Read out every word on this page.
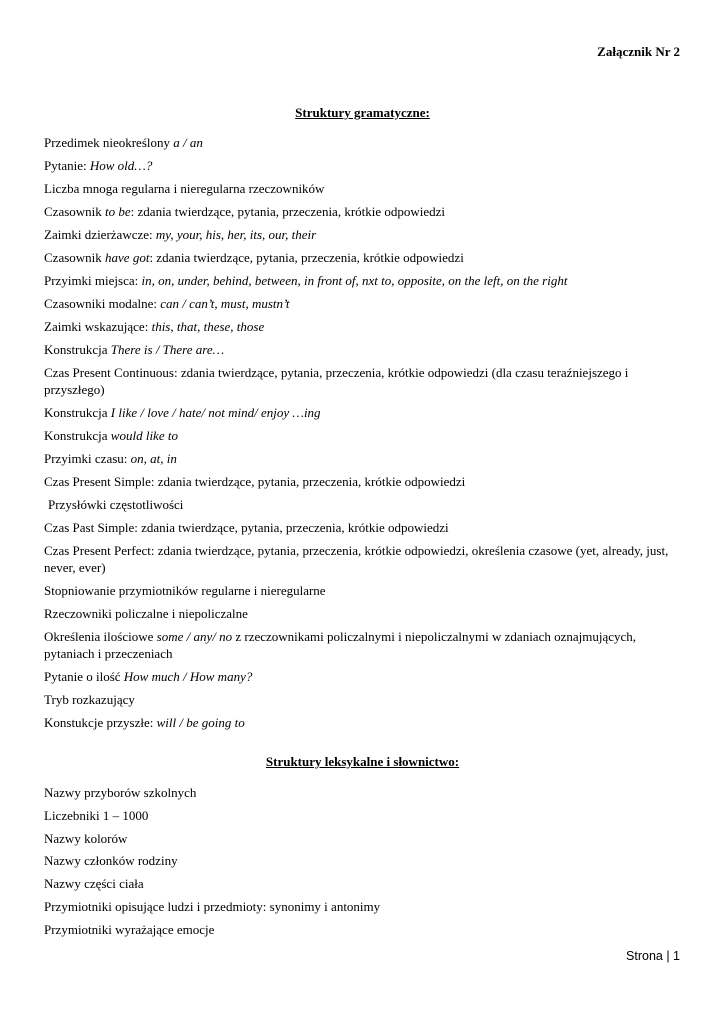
Załącznik Nr 2
Struktury gramatyczne:
Przedimek nieokreślony a / an
Pytanie: How old…?
Liczba mnoga regularna i nieregularna rzeczowników
Czasownik to be: zdania twierdzące, pytania, przeczenia, krótkie odpowiedzi
Zaimki dzierżawcze: my, your, his, her, its, our, their
Czasownik have got: zdania twierdzące, pytania, przeczenia, krótkie odpowiedzi
Przyimki miejsca: in, on, under, behind, between, in front of, nxt to, opposite, on the left, on the right
Czasowniki modalne: can / can’t, must, mustn’t
Zaimki wskazujące: this, that, these, those
Konstrukcja There is / There are…
Czas Present Continuous: zdania twierdzące, pytania, przeczenia, krótkie odpowiedzi (dla czasu teraźniejszego i przyszłego)
Konstrukcja I like / love / hate/ not mind/ enjoy …ing
Konstrukcja would like to
Przyimki czasu: on, at, in
Czas Present Simple: zdania twierdzące, pytania, przeczenia, krótkie odpowiedzi
Przysłówki częstotliwości
Czas Past Simple: zdania twierdzące, pytania, przeczenia, krótkie odpowiedzi
Czas Present Perfect: zdania twierdzące, pytania, przeczenia, krótkie odpowiedzi, określenia czasowe (yet, already, just, never, ever)
Stopniowanie przymiotników regularne i nieregularne
Rzeczowniki policzalne i niepoliczalne
Określenia ilościowe some / any/ no z rzeczownikami policzalnymi i niepoliczalnymi w zdaniach oznajmujących, pytaniach i przeczeniach
Pytanie o ilość How much / How many?
Tryb rozkazujący
Konstukcje przyszłe: will / be going to
Struktury leksykalne i słownictwo:
Nazwy przyborów szkolnych
Liczebniki 1 – 1000
Nazwy kolorów
Nazwy członków rodziny
Nazwy części ciała
Przymiotniki opisujące ludzi i przedmioty: synonimy i antonimy
Przymiotniki wyrażające emocje
Strona | 1
